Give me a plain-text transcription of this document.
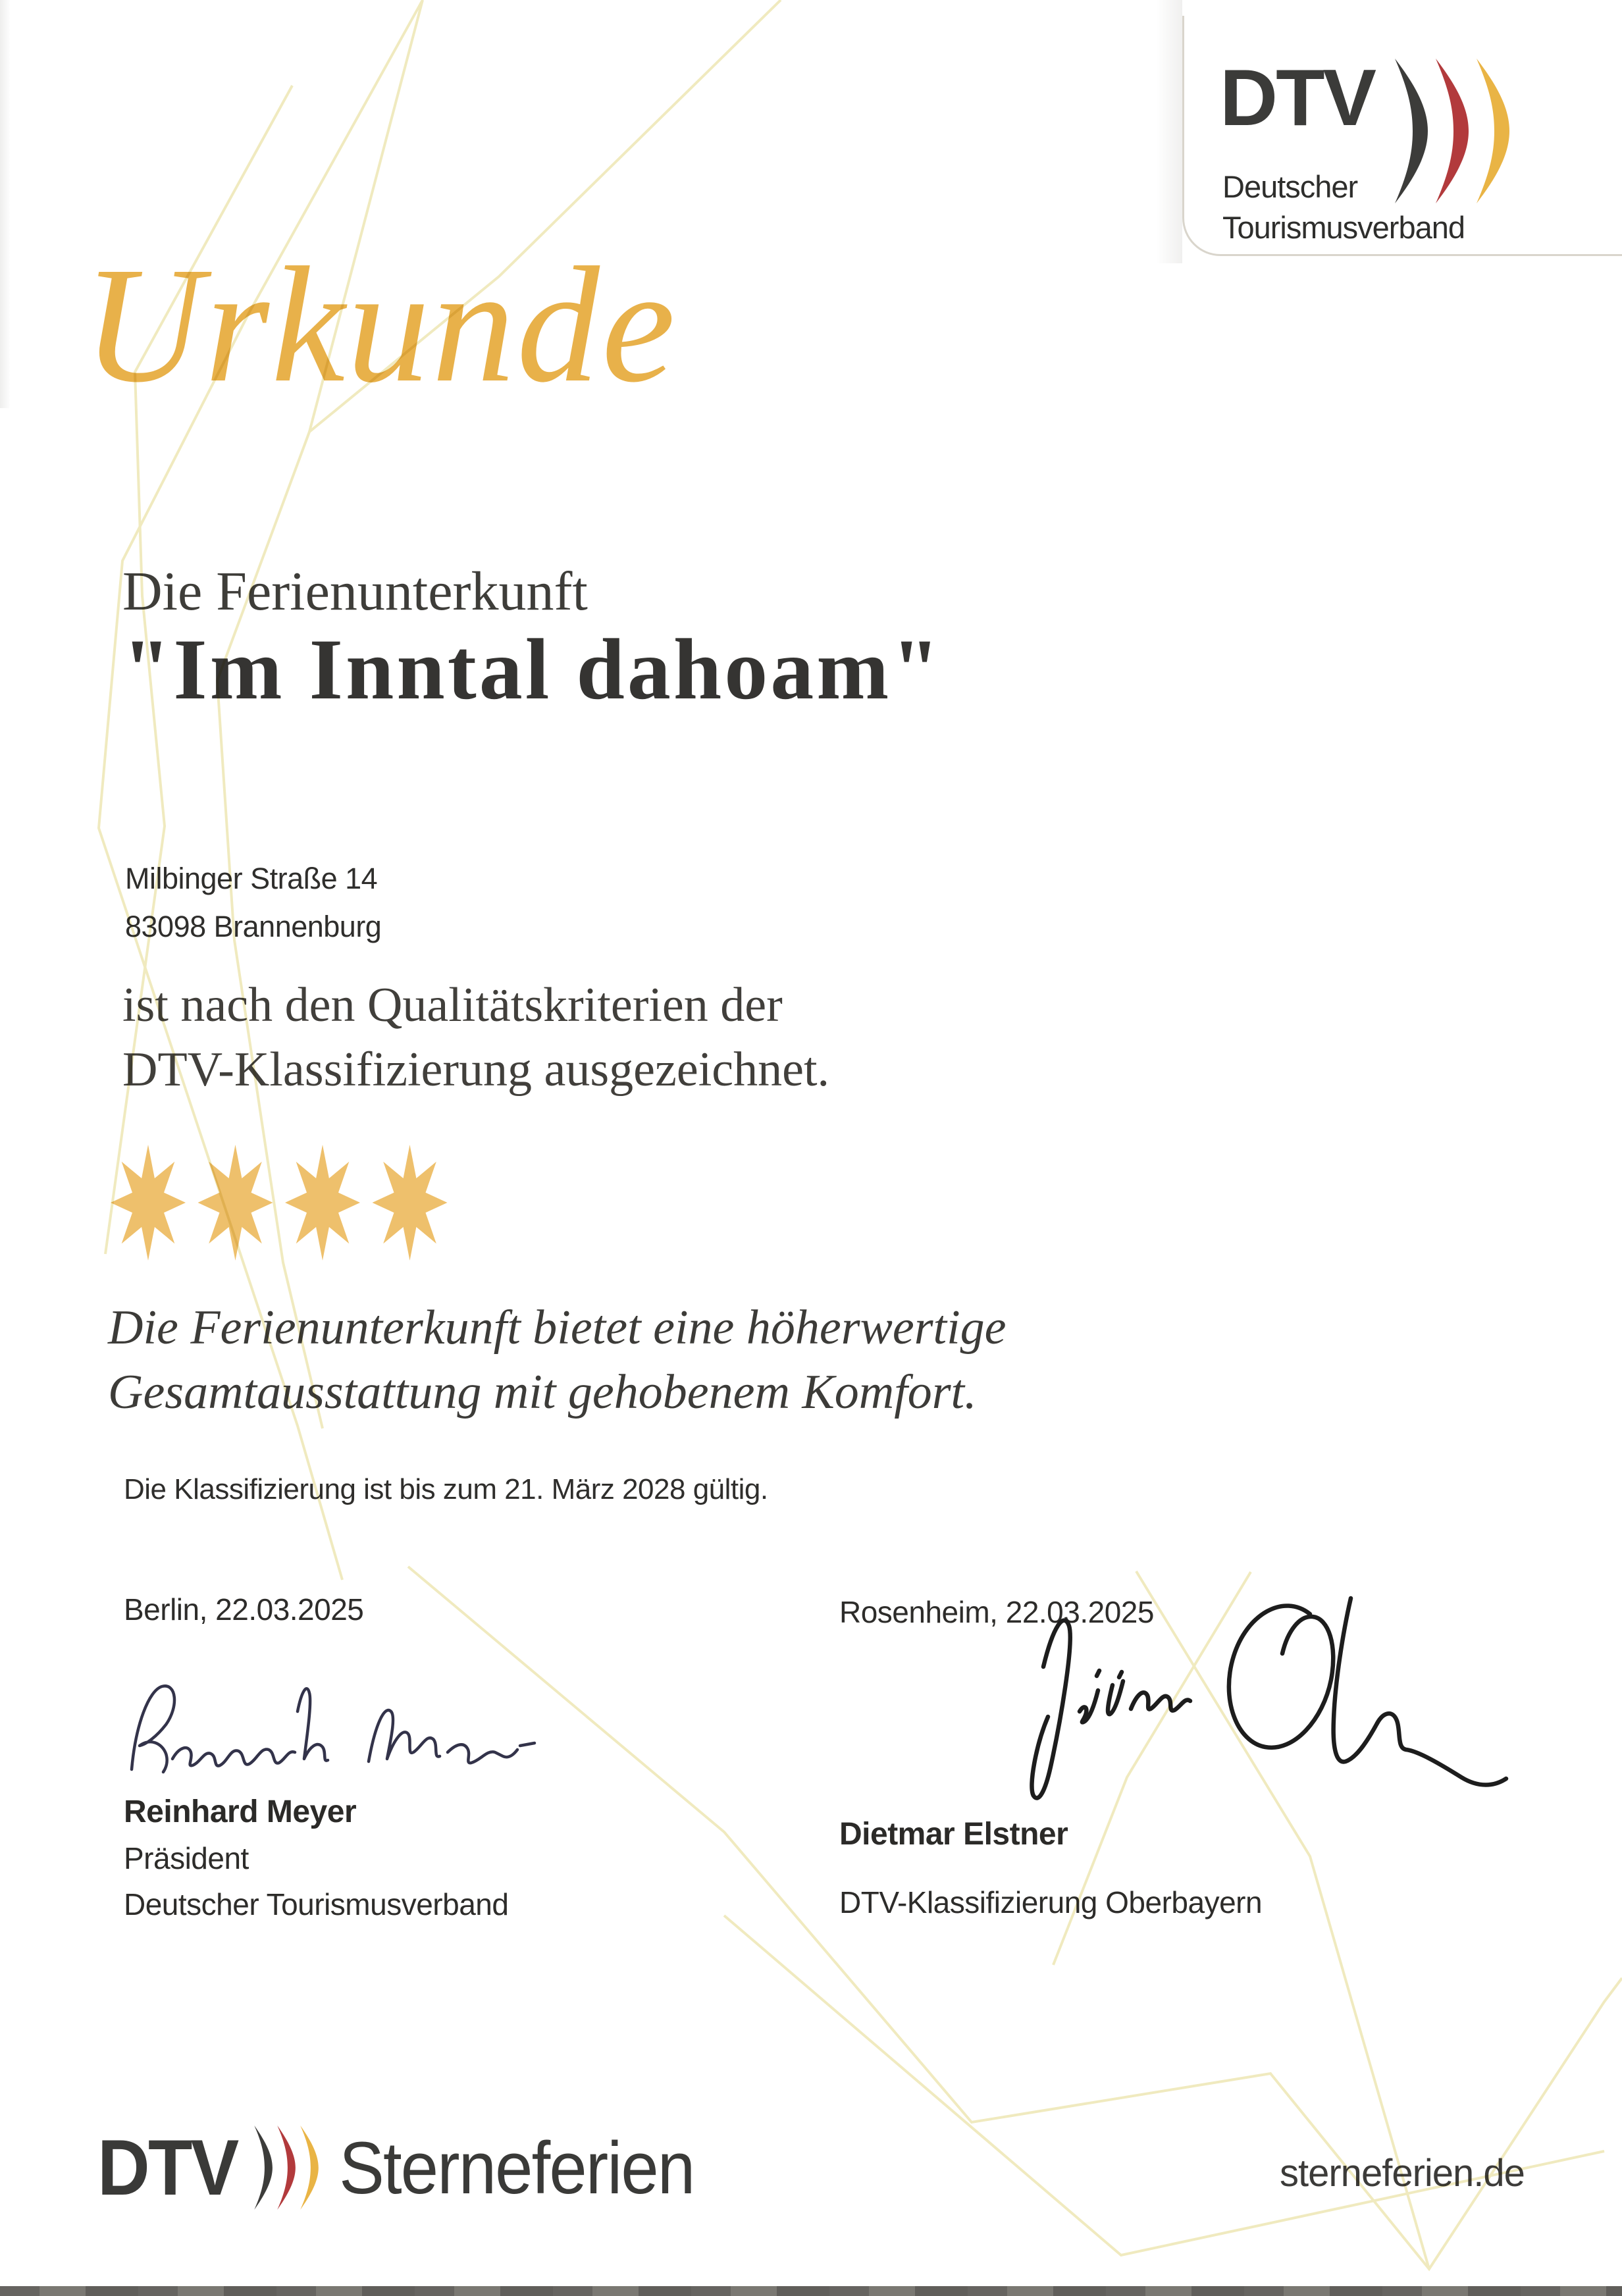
DTV
Deutscher
Tourismusverband
Urkunde
Die Ferienunterkunft
"Im Inntal dahoam"
Milbinger Straße 14
83098 Brannenburg
ist nach den Qualitätskriterien der
DTV-Klassifizierung ausgezeichnet.
Die Ferienunterkunft bietet eine höherwertige
Gesamtausstattung mit gehobenem Komfort.
Die Klassifizierung ist bis zum 21. März 2028 gültig.
Berlin, 22.03.2025	Rosenheim, 22.03.2025
Reinhard Meyer
Präsident
Deutscher Tourismusverband
Dietmar Elstner
DTV-Klassifizierung Oberbayern
DTV Sterneferien	sterneferien.de
